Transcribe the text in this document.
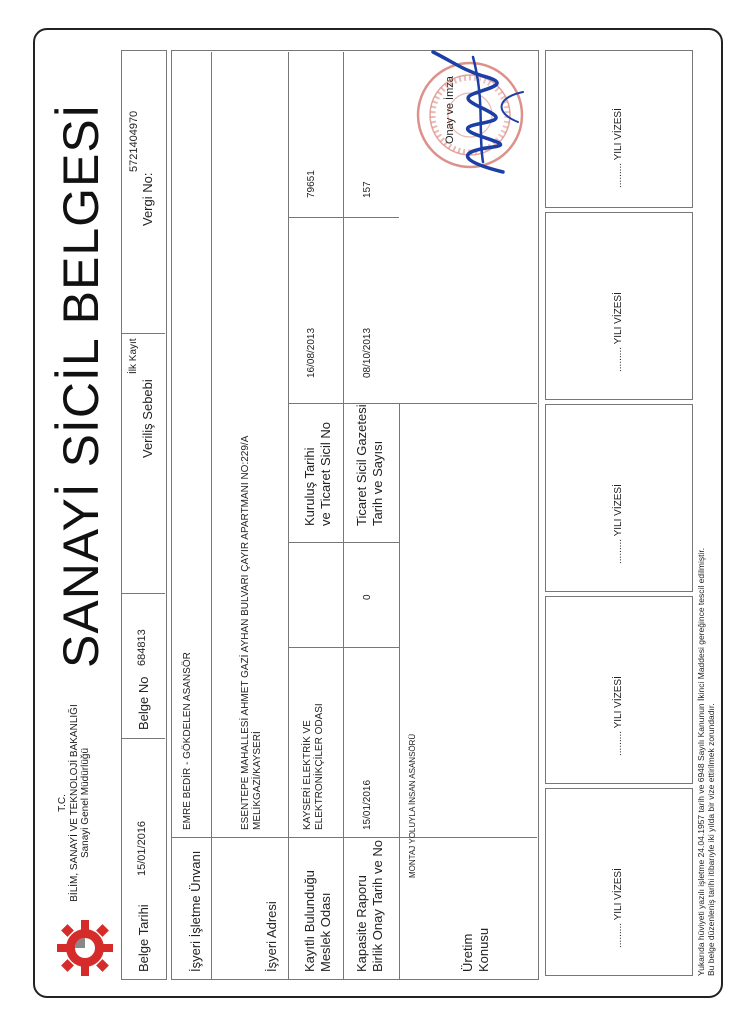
T.C. BİLİM, SANAYİ VE TEKNOLOJİ BAKANLIĞI Sanayi Genel Müdürlüğü
SANAYİ SİCİL BELGESİ
Belge Tarihi
15/01/2016
Belge No
684813
Veriliş Sebebi
İlk Kayıt
Vergi No:
5721404970
İşyeri İşletme Ünvanı
EMRE BEDİR - GÖKDELEN ASANSÖR
İşyeri Adresi
ESENTEPE MAHALLESİ AHMET GAZİ AYHAN BULVARI ÇAYIR APARTMANI NO:229/A MELİKGAZİ/KAYSERİ
Kayıtlı Bulunduğu Meslek Odası
KAYSERİ ELEKTRİK VE ELEKTRONİKÇİLER ODASI
Kuruluş Tarihi ve Ticaret Sicil No
16/08/2013
79651
Kapasite Raporu Birlik Onay Tarih ve No
15/01/2016
0
Ticaret Sicil Gazetesi Tarih ve Sayısı
08/10/2013
157
MONTAJ YOLUYLA İNSAN ASANSÖRÜ
Üretim Konusu
Onay ve İmza
......... YILI VİZESİ
......... YILI VİZESİ
......... YILI VİZESİ
......... YILI VİZESİ
......... YILI VİZESİ
Yukarıda hüviyeti yazılı işletme 24.04.1957 tarih ve 6948 Sayılı Kanunun İkinci Maddesi gereğince tescil edilmiştir. Bu belge düzenleniş tarihi itibarıyle iki yılda bir vize ettirilmek zorundadır.
